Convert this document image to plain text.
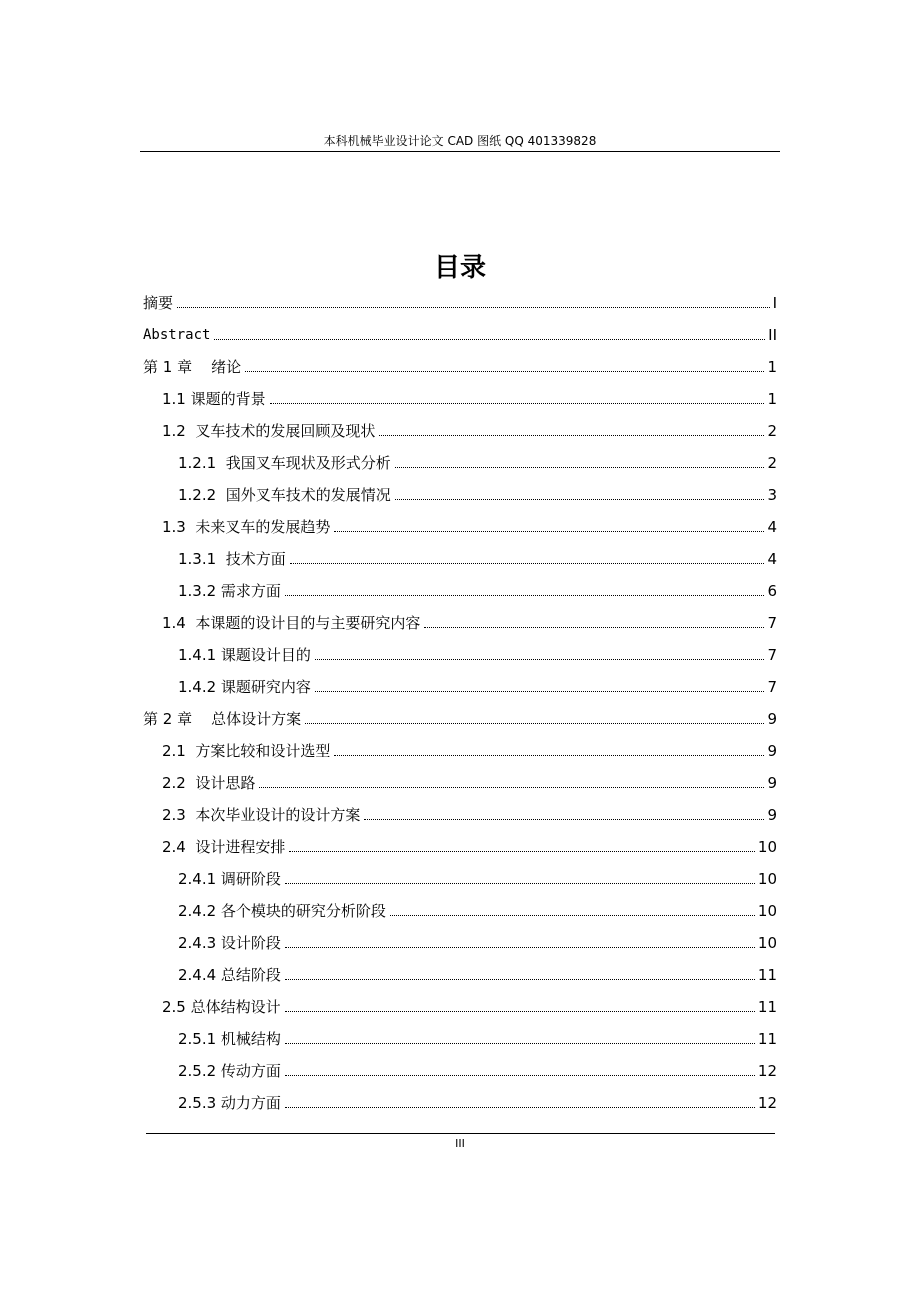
本科机械毕业设计论文 CAD 图纸 QQ 401339828
目录
摘要	I
Abstract	II
第 1 章    绪论	1
1.1 课题的背景	1
1.2  叉车技术的发展回顾及现状	2
1.2.1  我国叉车现状及形式分析	2
1.2.2  国外叉车技术的发展情况	3
1.3  未来叉车的发展趋势	4
1.3.1  技术方面	4
1.3.2 需求方面	6
1.4  本课题的设计目的与主要研究内容	7
1.4.1 课题设计目的	7
1.4.2 课题研究内容	7
第 2 章    总体设计方案	9
2.1  方案比较和设计选型	9
2.2  设计思路	9
2.3  本次毕业设计的设计方案	9
2.4  设计进程安排	10
2.4.1 调研阶段	10
2.4.2 各个模块的研究分析阶段	10
2.4.3 设计阶段	10
2.4.4 总结阶段	11
2.5 总体结构设计	11
2.5.1 机械结构	11
2.5.2 传动方面	12
2.5.3 动力方面	12
III
